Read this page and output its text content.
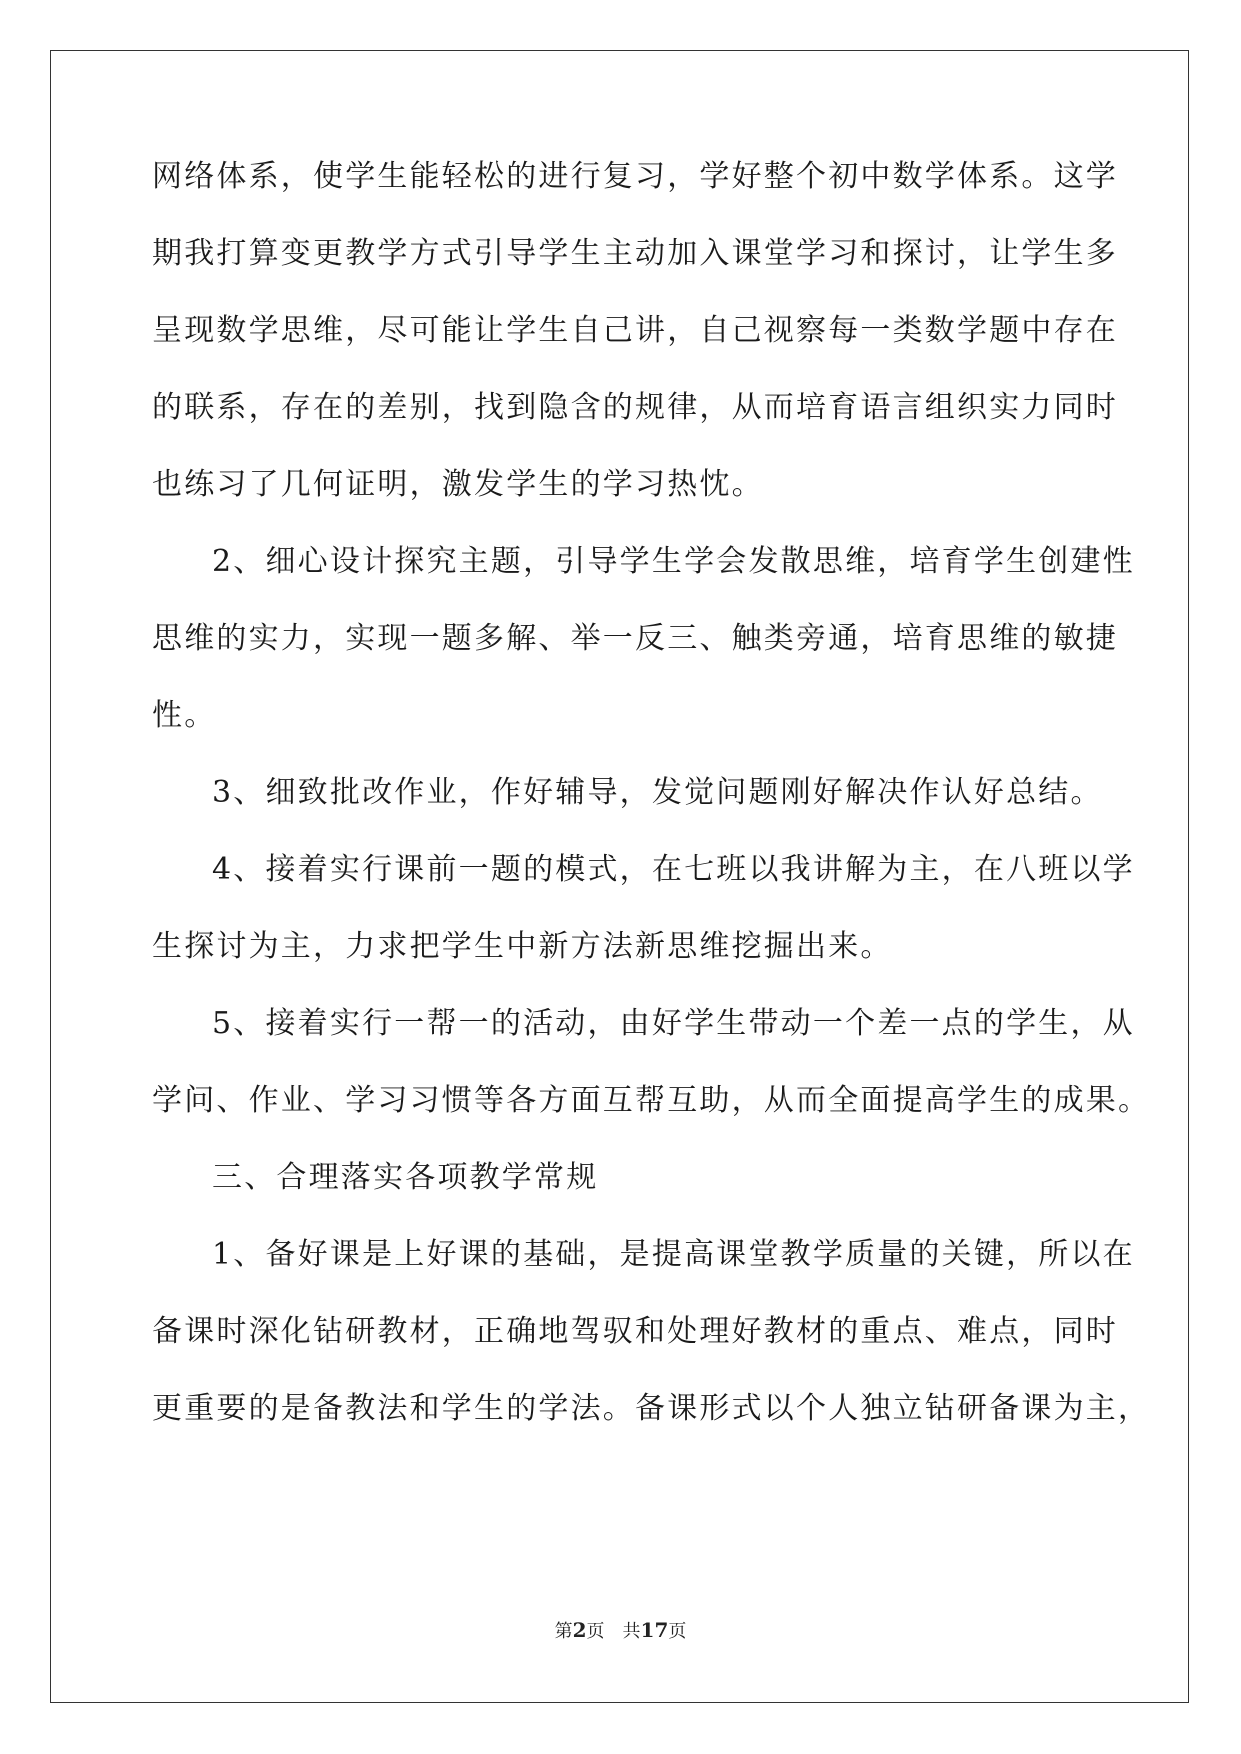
网络体系，使学生能轻松的进行复习，学好整个初中数学体系。这学
期我打算变更教学方式引导学生主动加入课堂学习和探讨，让学生多
呈现数学思维，尽可能让学生自己讲，自己视察每一类数学题中存在
的联系，存在的差别，找到隐含的规律，从而培育语言组织实力同时
也练习了几何证明，激发学生的学习热忱。
2、细心设计探究主题，引导学生学会发散思维，培育学生创建性
思维的实力，实现一题多解、举一反三、触类旁通，培育思维的敏捷
性。
3、细致批改作业，作好辅导，发觉问题刚好解决作认好总结。
4、接着实行课前一题的模式，在七班以我讲解为主，在八班以学
生探讨为主，力求把学生中新方法新思维挖掘出来。
5、接着实行一帮一的活动，由好学生带动一个差一点的学生，从
学问、作业、学习习惯等各方面互帮互助，从而全面提高学生的成果。
三、合理落实各项教学常规
1、备好课是上好课的基础，是提高课堂教学质量的关键，所以在
备课时深化钻研教材，正确地驾驭和处理好教材的重点、难点，同时
更重要的是备教法和学生的学法。备课形式以个人独立钻研备课为主，
第2页 共17页
